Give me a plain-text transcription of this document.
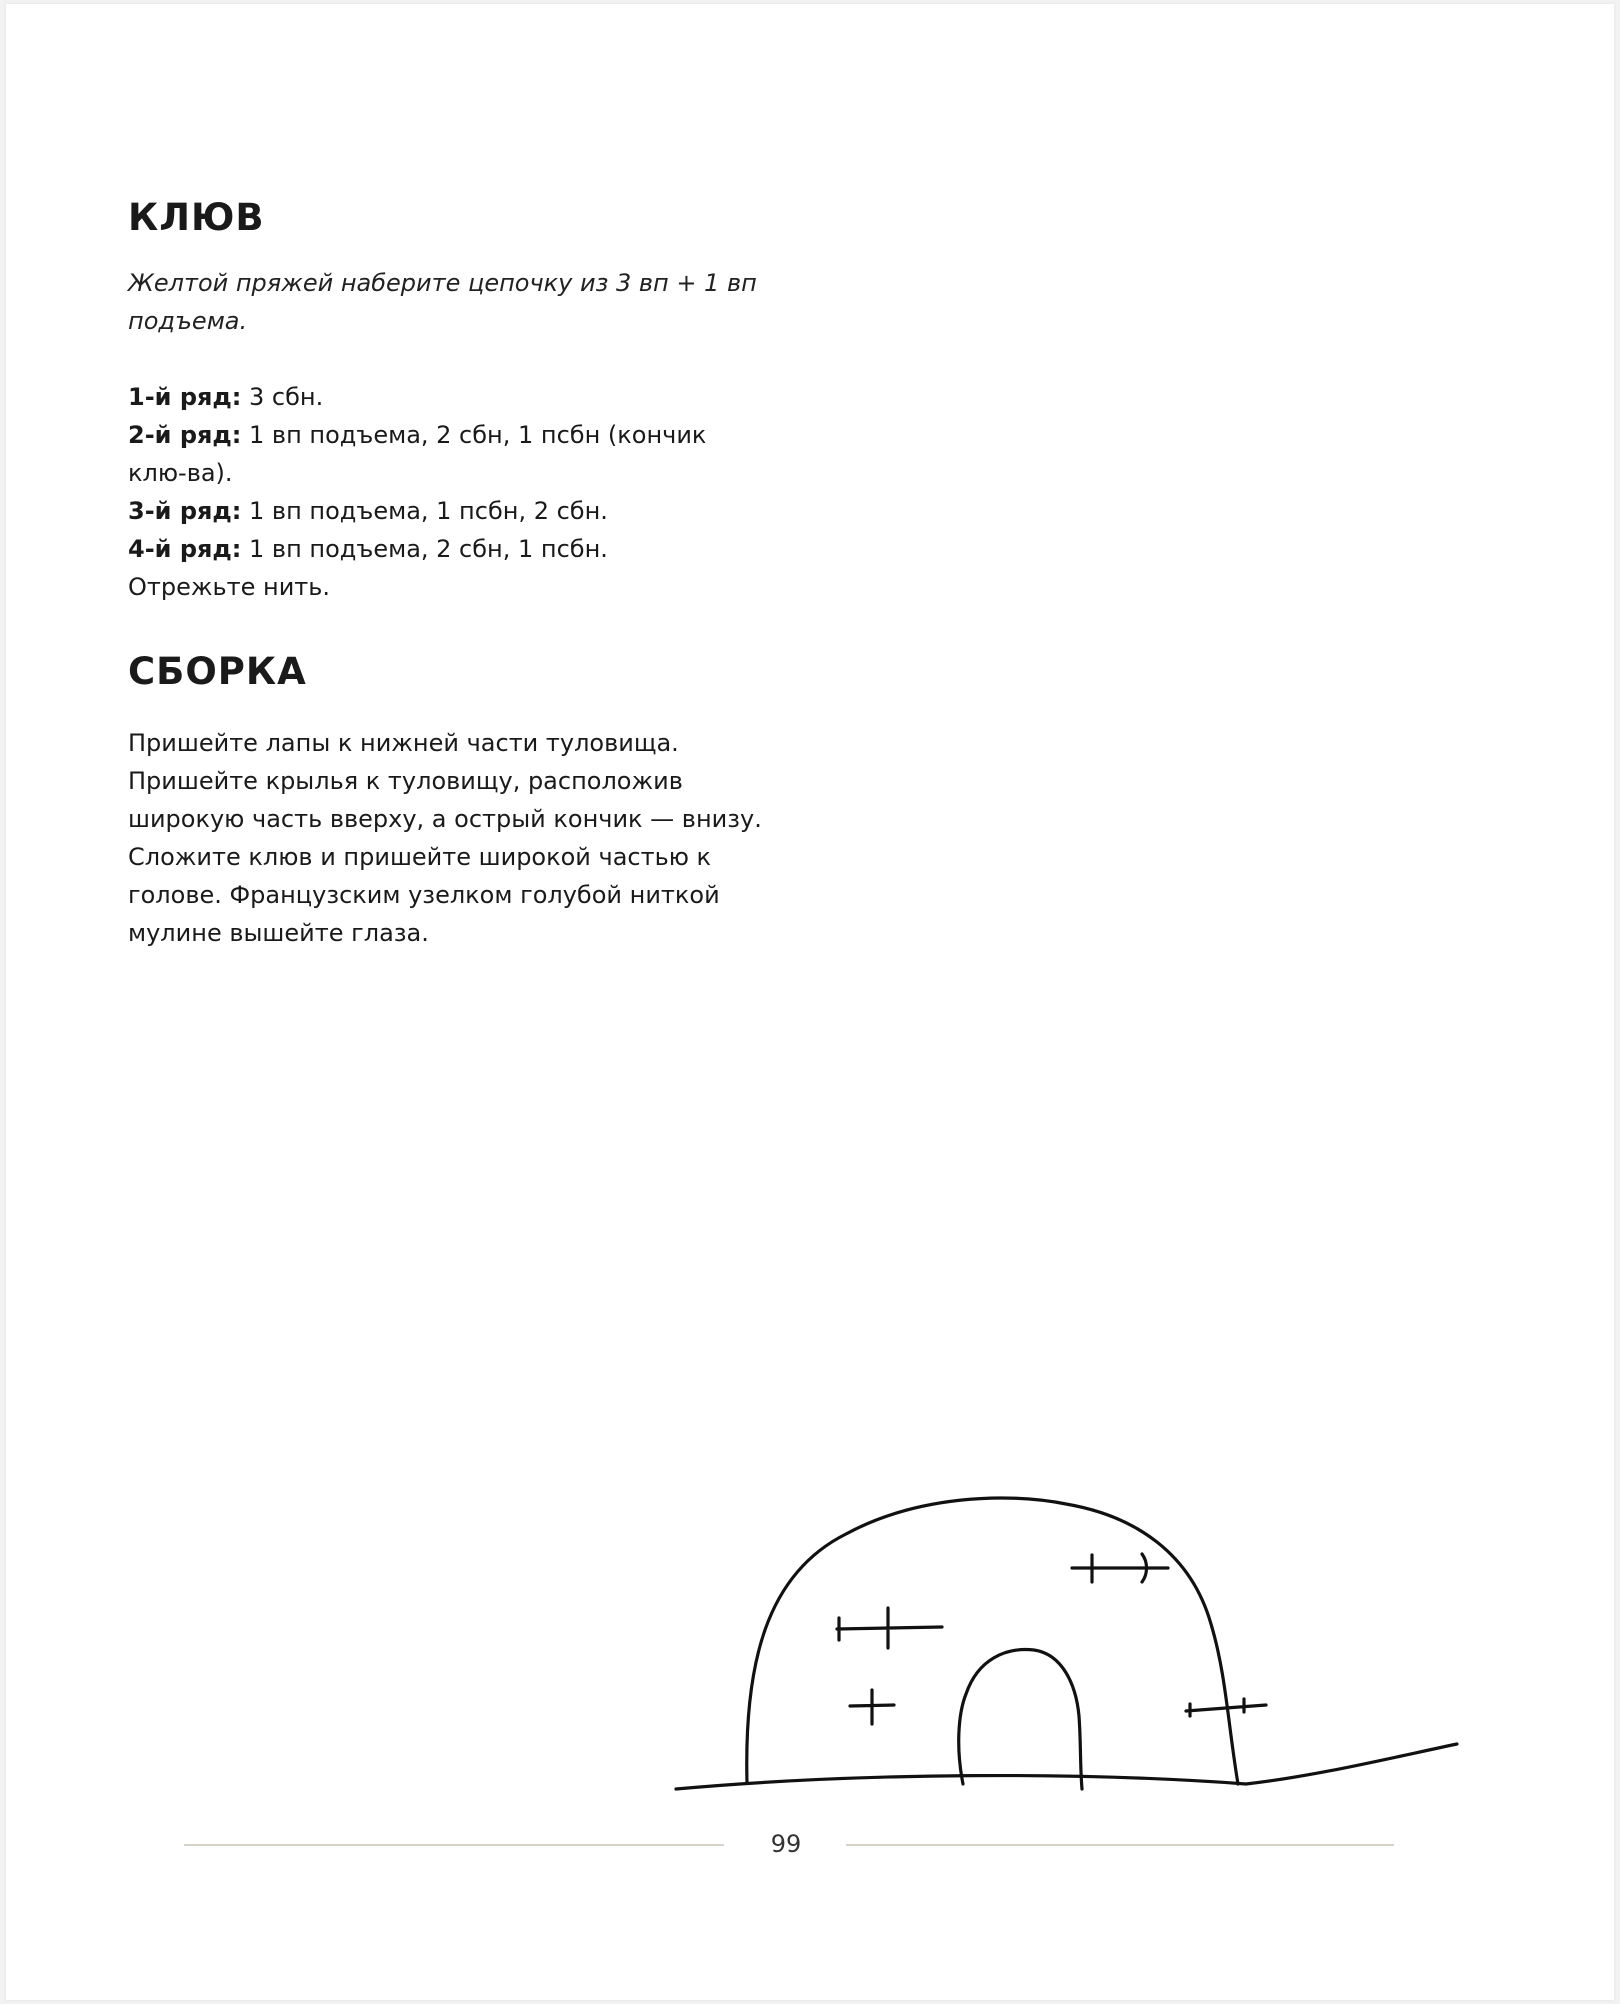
КЛЮВ

Желтой пряжей наберите цепочку из 3 вп + 1 вп подъема.

1-й ряд: 3 сбн.
2-й ряд: 1 вп подъема, 2 сбн, 1 псбн (кончик клю-ва).
3-й ряд: 1 вп подъема, 1 псбн, 2 сбн.
4-й ряд: 1 вп подъема, 2 сбн, 1 псбн.
Отрежьте нить.
СБОРКА

Пришейте лапы к нижней части туловища. Пришейте крылья к туловищу, расположив широкую часть вверху, а острый кончик — внизу. Сложите клюв и пришейте широкой частью к голове. Французским узелком голубой ниткой мулине вышейте глаза.

99
